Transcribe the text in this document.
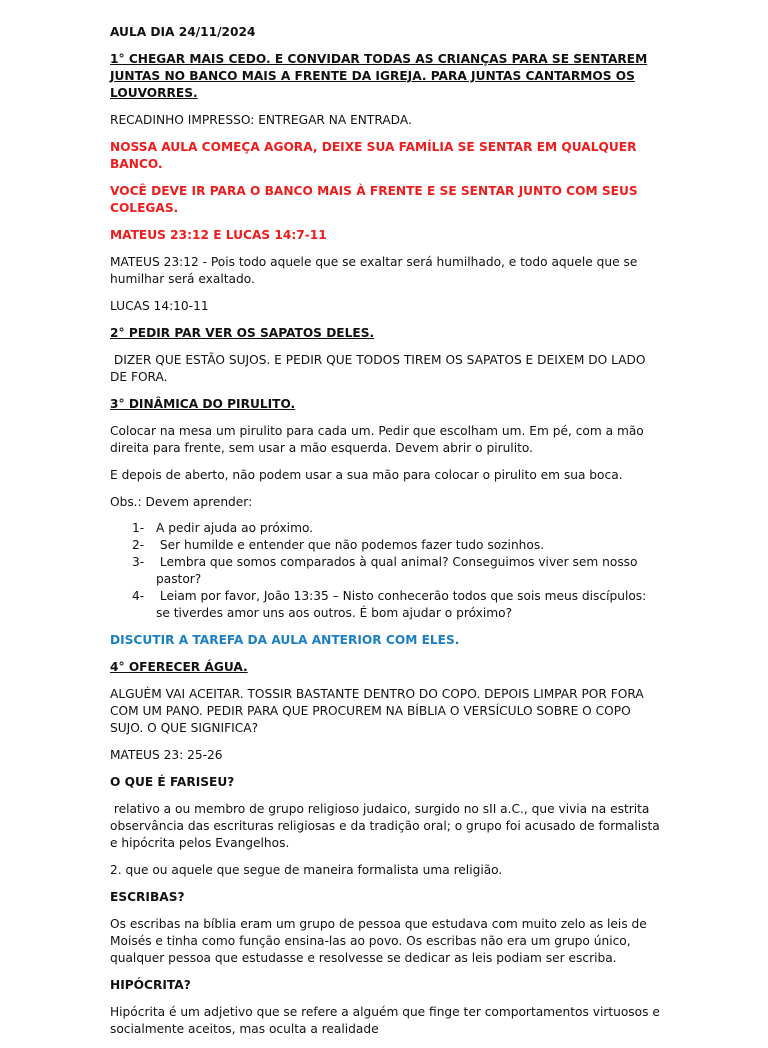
AULA DIA 24/11/2024

1° CHEGAR MAIS CEDO. E CONVIDAR TODAS AS CRIANÇAS PARA SE SENTAREM JUNTAS NO BANCO MAIS A FRENTE DA IGREJA. PARA JUNTAS CANTARMOS OS LOUVORRES.

RECADINHO IMPRESSO: ENTREGAR NA ENTRADA.

NOSSA AULA COMEÇA AGORA, DEIXE SUA FAMÍLIA SE SENTAR EM QUALQUER BANCO.

VOCÊ DEVE IR PARA O BANCO MAIS À FRENTE E SE SENTAR JUNTO COM SEUS COLEGAS.

MATEUS 23:12 E LUCAS 14:7-11

MATEUS 23:12 - Pois todo aquele que se exaltar será humilhado, e todo aquele que se humilhar será exaltado.

LUCAS 14:10-11

2° PEDIR PAR VER OS SAPATOS DELES.

DIZER QUE ESTÃO SUJOS. E PEDIR QUE TODOS TIREM OS SAPATOS E DEIXEM DO LADO DE FORA.

3° DINÂMICA DO PIRULITO.

Colocar na mesa um pirulito para cada um. Pedir que escolham um. Em pé, com a mão direita para frente, sem usar a mão esquerda. Devem abrir o pirulito.

E depois de aberto, não podem usar a sua mão para colocar o pirulito em sua boca.

Obs.: Devem aprender:

1- A pedir ajuda ao próximo.
2- Ser humilde e entender que não podemos fazer tudo sozinhos.
3- Lembra que somos comparados à qual animal? Conseguimos viver sem nosso pastor?
4- Leiam por favor, João 13:35 – Nisto conhecerão todos que sois meus discípulos: se tiverdes amor uns aos outros. É bom ajudar o próximo?

DISCUTIR A TAREFA DA AULA ANTERIOR COM ELES.

4° OFERECER ÁGUA.

ALGUÉM VAI ACEITAR. TOSSIR BASTANTE DENTRO DO COPO. DEPOIS LIMPAR POR FORA COM UM PANO. PEDIR PARA QUE PROCUREM NA BÍBLIA O VERSÍCULO SOBRE O COPO SUJO. O QUE SIGNIFICA?

MATEUS 23: 25-26

O QUE É FARISEU?

relativo a ou membro de grupo religioso judaico, surgido no sII a.C., que vivia na estrita observância das escrituras religiosas e da tradição oral; o grupo foi acusado de formalista e hipócrita pelos Evangelhos.

2. que ou aquele que segue de maneira formalista uma religião.

ESCRIBAS?

Os escribas na bíblia eram um grupo de pessoa que estudava com muito zelo as leis de Moisés e tinha como função ensina-las ao povo. Os escribas não era um grupo único, qualquer pessoa que estudasse e resolvesse se dedicar as leis podiam ser escriba.

HIPÓCRITA?

Hipócrita é um adjetivo que se refere a alguém que finge ter comportamentos virtuosos e socialmente aceitos, mas oculta a realidade
